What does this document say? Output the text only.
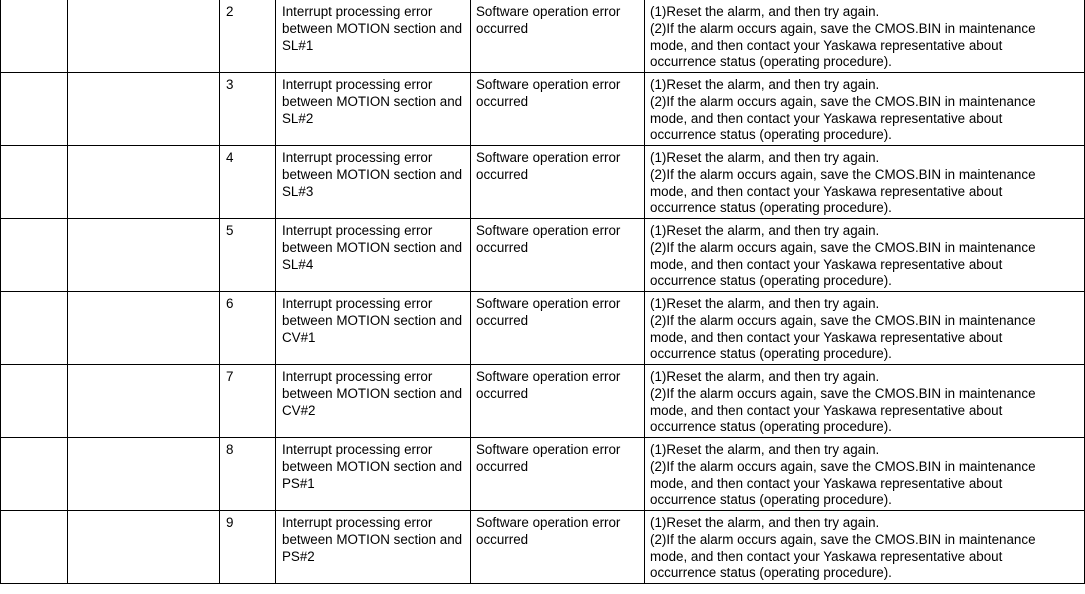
		2	Interrupt processing error between MOTION section and SL#1	Software operation error occurred	(1)Reset the alarm, and then try again.
(2)If the alarm occurs again, save the CMOS.BIN in maintenance
mode, and then contact your Yaskawa representative about
occurrence status (operating procedure).

		3	Interrupt processing error between MOTION section and SL#2	Software operation error occurred	(1)Reset the alarm, and then try again.
(2)If the alarm occurs again, save the CMOS.BIN in maintenance
mode, and then contact your Yaskawa representative about
occurrence status (operating procedure).

		4	Interrupt processing error between MOTION section and SL#3	Software operation error occurred	(1)Reset the alarm, and then try again.
(2)If the alarm occurs again, save the CMOS.BIN in maintenance
mode, and then contact your Yaskawa representative about
occurrence status (operating procedure).

		5	Interrupt processing error between MOTION section and SL#4	Software operation error occurred	(1)Reset the alarm, and then try again.
(2)If the alarm occurs again, save the CMOS.BIN in maintenance
mode, and then contact your Yaskawa representative about
occurrence status (operating procedure).

		6	Interrupt processing error between MOTION section and CV#1	Software operation error occurred	(1)Reset the alarm, and then try again.
(2)If the alarm occurs again, save the CMOS.BIN in maintenance
mode, and then contact your Yaskawa representative about
occurrence status (operating procedure).

		7	Interrupt processing error between MOTION section and CV#2	Software operation error occurred	(1)Reset the alarm, and then try again.
(2)If the alarm occurs again, save the CMOS.BIN in maintenance
mode, and then contact your Yaskawa representative about
occurrence status (operating procedure).

		8	Interrupt processing error between MOTION section and PS#1	Software operation error occurred	(1)Reset the alarm, and then try again.
(2)If the alarm occurs again, save the CMOS.BIN in maintenance
mode, and then contact your Yaskawa representative about
occurrence status (operating procedure).

		9	Interrupt processing error between MOTION section and PS#2	Software operation error occurred	(1)Reset the alarm, and then try again.
(2)If the alarm occurs again, save the CMOS.BIN in maintenance
mode, and then contact your Yaskawa representative about
occurrence status (operating procedure).
